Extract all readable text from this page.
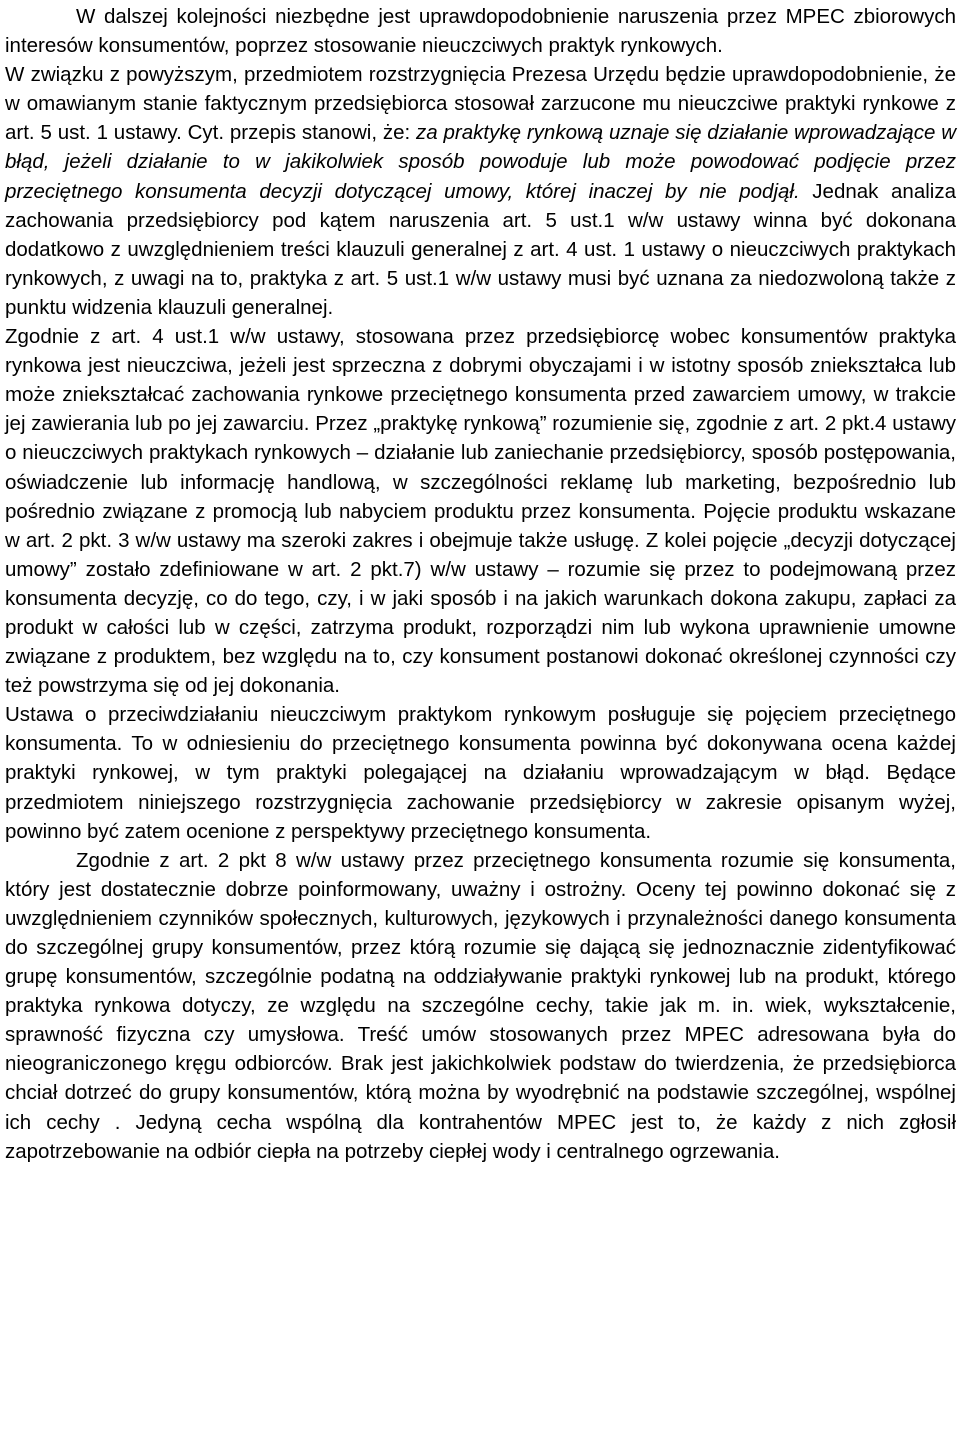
W dalszej kolejności niezbędne jest uprawdopodobnienie naruszenia przez MPEC zbiorowych interesów konsumentów, poprzez stosowanie nieuczciwych praktyk rynkowych.

W związku z powyższym, przedmiotem rozstrzygnięcia Prezesa Urzędu będzie uprawdopodobnienie, że w omawianym stanie faktycznym przedsiębiorca stosował zarzucone mu nieuczciwe praktyki rynkowe z art. 5 ust. 1 ustawy. Cyt. przepis stanowi, że: za praktykę rynkową uznaje się działanie wprowadzające w błąd, jeżeli działanie to w jakikolwiek sposób powoduje lub może powodować podjęcie przez przeciętnego konsumenta decyzji dotyczącej umowy, której inaczej by nie podjął. Jednak analiza zachowania przedsiębiorcy pod kątem naruszenia art. 5 ust.1 w/w ustawy winna być dokonana dodatkowo z uwzględnieniem treści klauzuli generalnej z art. 4 ust. 1 ustawy o nieuczciwych praktykach rynkowych, z uwagi na to, praktyka z art. 5 ust.1 w/w ustawy musi być uznana za niedozwoloną także z punktu widzenia klauzuli generalnej.

Zgodnie z art. 4 ust.1 w/w ustawy, stosowana przez przedsiębiorcę wobec konsumentów praktyka rynkowa jest nieuczciwa, jeżeli jest sprzeczna z dobrymi obyczajami i w istotny sposób zniekształca lub może zniekształcać zachowania rynkowe przeciętnego konsumenta przed zawarciem umowy, w trakcie jej zawierania lub po jej zawarciu. Przez „praktykę rynkową” rozumienie się, zgodnie z art. 2 pkt.4 ustawy o nieuczciwych praktykach rynkowych – działanie lub zaniechanie przedsiębiorcy, sposób postępowania, oświadczenie lub informację handlową, w szczególności reklamę lub marketing, bezpośrednio lub pośrednio związane z promocją lub nabyciem produktu przez konsumenta. Pojęcie produktu wskazane w art. 2 pkt. 3 w/w ustawy ma szeroki zakres i obejmuje także usługę. Z kolei pojęcie „decyzji dotyczącej umowy” zostało zdefiniowane w art. 2 pkt.7) w/w ustawy – rozumie się przez to podejmowaną przez konsumenta decyzję, co do tego, czy, i w jaki sposób i na jakich warunkach dokona zakupu, zapłaci za produkt w całości lub w części, zatrzyma produkt, rozporządzi nim lub wykona uprawnienie umowne związane z produktem, bez względu na to, czy konsument postanowi dokonać określonej czynności czy też powstrzyma się od jej dokonania.

Ustawa o przeciwdziałaniu nieuczciwym praktykom rynkowym posługuje się pojęciem przeciętnego konsumenta. To w odniesieniu do przeciętnego konsumenta powinna być dokonywana ocena każdej praktyki rynkowej, w tym praktyki polegającej na działaniu wprowadzającym w błąd. Będące przedmiotem niniejszego rozstrzygnięcia zachowanie przedsiębiorcy w zakresie opisanym wyżej, powinno być zatem ocenione z perspektywy przeciętnego konsumenta.

Zgodnie z art. 2 pkt 8 w/w ustawy przez przeciętnego konsumenta rozumie się konsumenta, który jest dostatecznie dobrze poinformowany, uważny i ostrożny. Oceny tej powinno dokonać się z uwzględnieniem czynników społecznych, kulturowych, językowych i przynależności danego konsumenta do szczególnej grupy konsumentów, przez którą rozumie się dającą się jednoznacznie zidentyfikować grupę konsumentów, szczególnie podatną na oddziaływanie praktyki rynkowej lub na produkt, którego praktyka rynkowa dotyczy, ze względu na szczególne cechy, takie jak m. in. wiek, wykształcenie, sprawność fizyczna czy umysłowa. Treść umów stosowanych przez MPEC adresowana była do nieograniczonego kręgu odbiorców. Brak jest jakichkolwiek podstaw do twierdzenia, że przedsiębiorca chciał dotrzeć do grupy konsumentów, którą można by wyodrębnić na podstawie szczególnej, wspólnej ich cechy . Jedyną cecha wspólną dla kontrahentów MPEC jest to, że każdy z nich zgłosił zapotrzebowanie na odbiór ciepła na potrzeby ciepłej wody i centralnego ogrzewania.
